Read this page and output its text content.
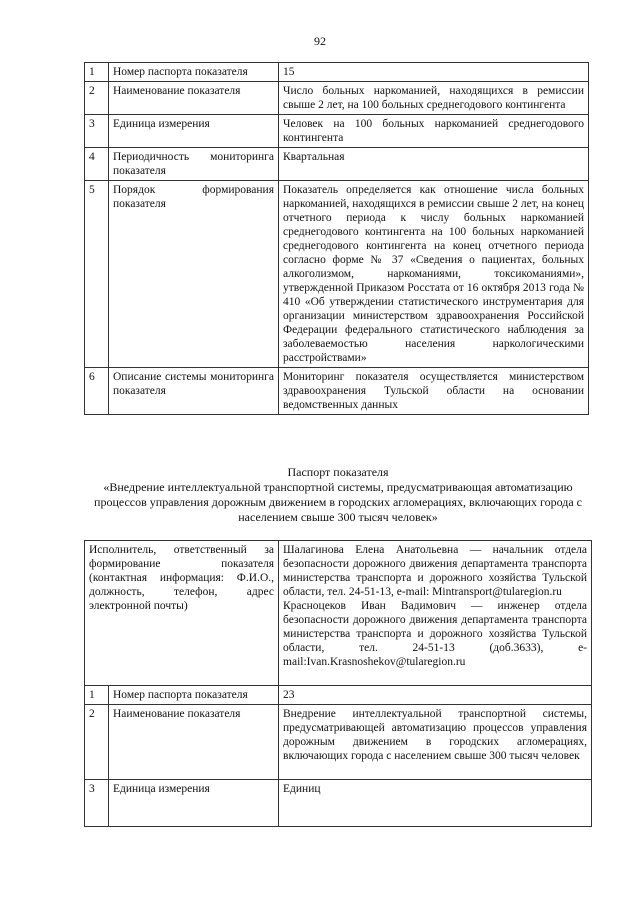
92
1	Номер паспорта показателя	15
2	Наименование показателя	Число больных наркоманией, находящихся в ремиссии свыше 2 лет, на 100 больных среднегодового контингента
3	Единица измерения	Человек на 100 больных наркоманией среднегодового контингента
4	Периодичность мониторинга показателя	Квартальная
5	Порядок формирования показателя	Показатель определяется как отношение числа больных наркоманией, находящихся в ремиссии свыше 2 лет, на конец отчетного периода к числу больных наркоманией среднегодового контингента на 100 больных наркоманией среднегодового контингента на конец отчетного периода согласно форме № 37 «Сведения о пациентах, больных алкоголизмом, наркоманиями, токсикоманиями», утвержденной Приказом Росстата от 16 октября 2013 года № 410 «Об утверждении статистического инструментария для организации министерством здравоохранения Российской Федерации федерального статистического наблюдения за заболеваемостью населения наркологическими расстройствами»
6	Описание системы мониторинга показателя	Мониторинг показателя осуществляется министерством здравоохранения Тульской области на основании ведомственных данных
Паспорт показателя
«Внедрение интеллектуальной транспортной системы, предусматривающая автоматизацию процессов управления дорожным движением в городских агломерациях, включающих города с населением свыше 300 тысяч человек»
Исполнитель, ответственный за формирование показателя (контактная информация: Ф.И.О., должность, телефон, адрес электронной почты)		Шалагинова Елена Анатольевна — начальник отдела безопасности дорожного движения департамента транспорта министерства транспорта и дорожного хозяйства Тульской области, тел. 24-51-13, e-mail: Mintransport@tularegion.ru
Красноцеков Иван Вадимович — инженер отдела безопасности дорожного движения департамента транспорта министерства транспорта и дорожного хозяйства Тульской области, тел. 24-51-13 (доб.3633), e-mail:Ivan.Krasnoshekov@tularegion.ru

1	Номер паспорта показателя	23
2	Наименование показателя	Внедрение интеллектуальной транспортной системы, предусматривающей автоматизацию процессов управления дорожным движением в городских агломерациях, включающих города с населением свыше 300 тысяч человек

3	Единица измерения	Единиц
